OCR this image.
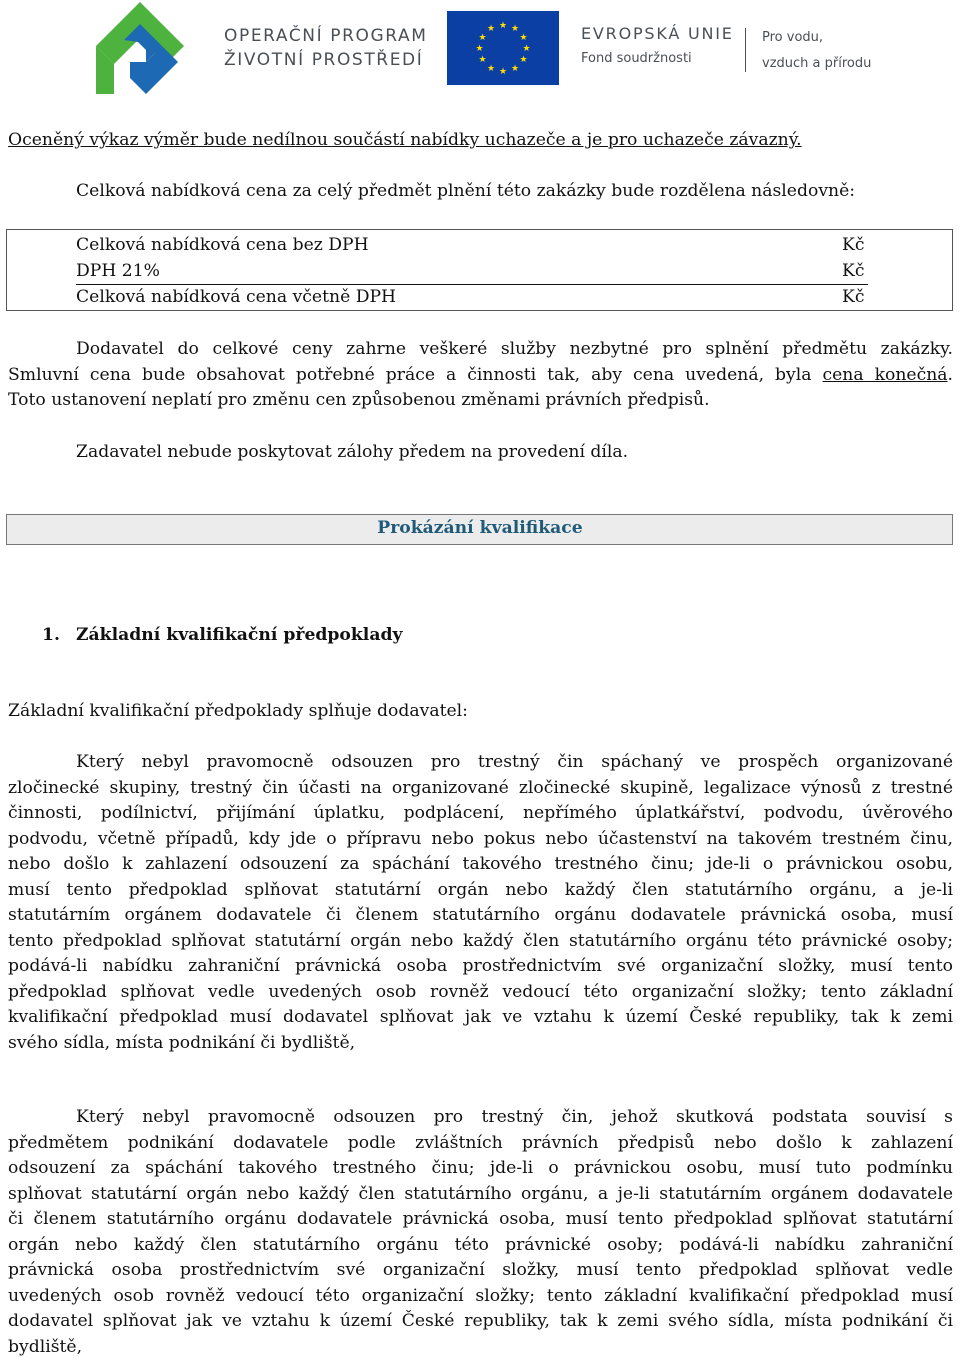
OPERAČNÍ PROGRAM
ŽIVOTNÍ PROSTŘEDÍ
★ ★
★
★
★
★
★
★
★
★
★
★	EVROPSKÁ UNIE
Fond soudržnosti
Pro vodu,
vzduch a přírodu
Oceněný výkaz výměr bude nedílnou součástí nabídky uchazeče a je pro uchazeče závazný.
Celková nabídková cena za celý předmět plnění této zakázky bude rozdělena následovně:
Celková nabídková cena bez DPH	Kč
DPH 21%	Kč
Celková nabídková cena včetně DPH	Kč
Dodavatel do celkové ceny zahrne veškeré služby nezbytné pro splnění předmětu zakázky.
Smluvní cena bude obsahovat potřebné práce a činnosti tak, aby cena uvedená, byla cena konečná.
Toto ustanovení neplatí pro změnu cen způsobenou změnami právních předpisů.
Zadavatel nebude poskytovat zálohy předem na provedení díla.
Prokázání kvalifikace
1. Základní kvalifikační předpoklady
Základní kvalifikační předpoklady splňuje dodavatel:
Který nebyl pravomocně odsouzen pro trestný čin spáchaný ve prospěch organizované
zločinecké skupiny, trestný čin účasti na organizované zločinecké skupině, legalizace výnosů z trestné
činnosti, podílnictví, přijímání úplatku, podplácení, nepřímého úplatkářství, podvodu, úvěrového
podvodu, včetně případů, kdy jde o přípravu nebo pokus nebo účastenství na takovém trestném činu,
nebo došlo k zahlazení odsouzení za spáchání takového trestného činu; jde-li o právnickou osobu,
musí tento předpoklad splňovat statutární orgán nebo každý člen statutárního orgánu, a je-li
statutárním orgánem dodavatele či členem statutárního orgánu dodavatele právnická osoba, musí
tento předpoklad splňovat statutární orgán nebo každý člen statutárního orgánu této právnické osoby;
podává-li nabídku zahraniční právnická osoba prostřednictvím své organizační složky, musí tento
předpoklad splňovat vedle uvedených osob rovněž vedoucí této organizační složky; tento základní
kvalifikační předpoklad musí dodavatel splňovat jak ve vztahu k území České republiky, tak k zemi
svého sídla, místa podnikání či bydliště,
Který nebyl pravomocně odsouzen pro trestný čin, jehož skutková podstata souvisí s
předmětem podnikání dodavatele podle zvláštních právních předpisů nebo došlo k zahlazení
odsouzení za spáchání takového trestného činu; jde-li o právnickou osobu, musí tuto podmínku
splňovat statutární orgán nebo každý člen statutárního orgánu, a je-li statutárním orgánem dodavatele
či členem statutárního orgánu dodavatele právnická osoba, musí tento předpoklad splňovat statutární
orgán nebo každý člen statutárního orgánu této právnické osoby; podává-li nabídku zahraniční
právnická osoba prostřednictvím své organizační složky, musí tento předpoklad splňovat vedle
uvedených osob rovněž vedoucí této organizační složky; tento základní kvalifikační předpoklad musí
dodavatel splňovat jak ve vztahu k území České republiky, tak k zemi svého sídla, místa podnikání či
bydliště,
